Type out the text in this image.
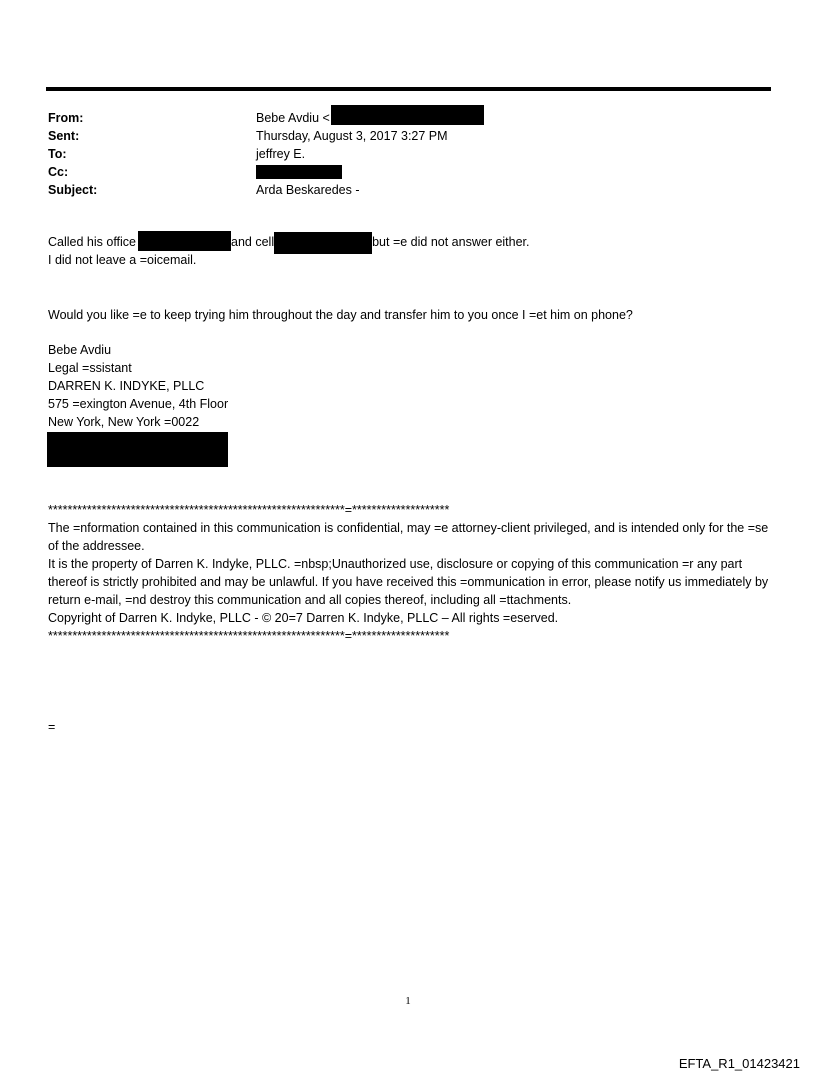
From:	Bebe Avdiu <
Sent:	Thursday, August 3, 2017 3:27 PM
To:	jeffrey E.
Cc:
Subject:	Arda Beskaredes -
Called his office	and cell	but =e did not answer either.
I did not leave a =oicemail.
Would you like =e to keep trying him throughout the day and transfer him to you once I =et him on phone?
Bebe Avdiu
Legal =ssistant
DARREN K. INDYKE, PLLC
575 =exington Avenue, 4th Floor
New York, New York =0022
*************************************************************=********************

The =nformation contained in this communication is confidential, may =e attorney-client privileged, and is intended only for the =se of the addressee.

It is the property of Darren K. Indyke, PLLC. =nbsp;Unauthorized use, disclosure or copying of this communication =r any part thereof is strictly prohibited and may be unlawful. If you have received this =ommunication in error, please notify us immediately by return e-mail, =nd destroy this communication and all copies thereof, including all =ttachments.

Copyright of Darren K. Indyke, PLLC - © 20=7 Darren K. Indyke, PLLC – All rights =eserved.

*************************************************************=********************
=
1
EFTA_R1_01423421
